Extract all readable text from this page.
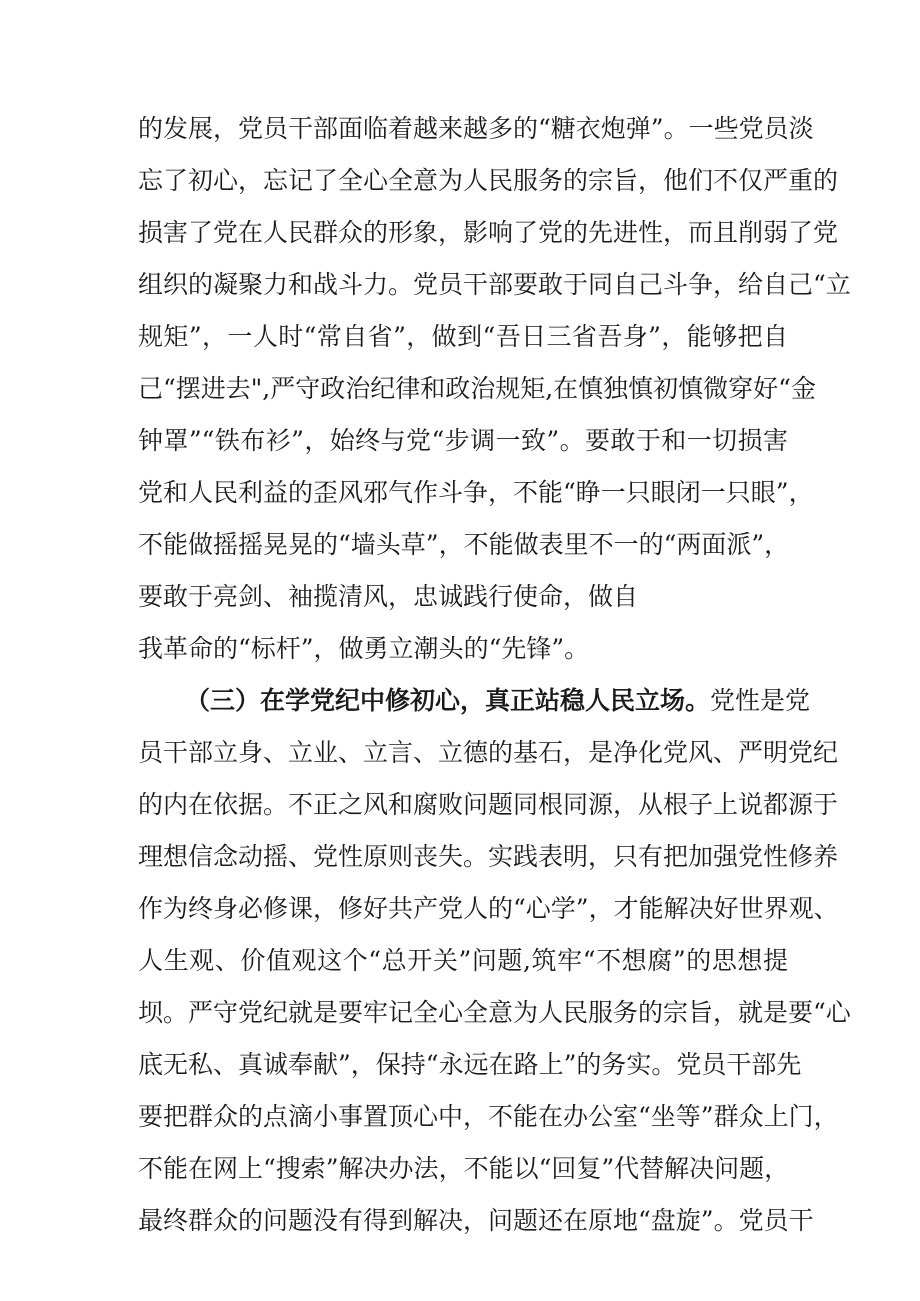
的发展，党员干部面临着越来越多的“糖衣炮弹”。一些党员淡
忘了初心，忘记了全心全意为人民服务的宗旨，他们不仅严重的
损害了党在人民群众的形象，影响了党的先进性，而且削弱了党
组织的凝聚力和战斗力。党员干部要敢于同自己斗争，给自己“立
规矩”，一人时“常自省”，做到“吾日三省吾身”，能够把自
己“摆进去",严守政治纪律和政治规矩,在慎独慎初慎微穿好“金
钟罩”“铁布衫”，始终与党“步调一致”。要敢于和一切损害
党和人民利益的歪风邪气作斗争，不能“睁一只眼闭一只眼”，
不能做摇摇晃晃的“墙头草”，不能做表里不一的“两面派”，
要敢于亮剑、袖揽清风，忠诚践行使命，做自
我革命的“标杆”，做勇立潮头的“先锋”。
（三）在学党纪中修初心，真正站稳人民立场。党性是党
员干部立身、立业、立言、立德的基石，是净化党风、严明党纪
的内在依据。不正之风和腐败问题同根同源，从根子上说都源于
理想信念动摇、党性原则丧失。实践表明，只有把加强党性修养
作为终身必修课，修好共产党人的“心学”，才能解决好世界观、
人生观、价值观这个“总开关”问题,筑牢“不想腐”的思想提
坝。严守党纪就是要牢记全心全意为人民服务的宗旨，就是要“心
底无私、真诚奉献”，保持“永远在路上”的务实。党员干部先
要把群众的点滴小事置顶心中，不能在办公室“坐等”群众上门，
不能在网上“搜索”解决办法，不能以“回复”代替解决问题，
最终群众的问题没有得到解决，问题还在原地“盘旋”。党员干
